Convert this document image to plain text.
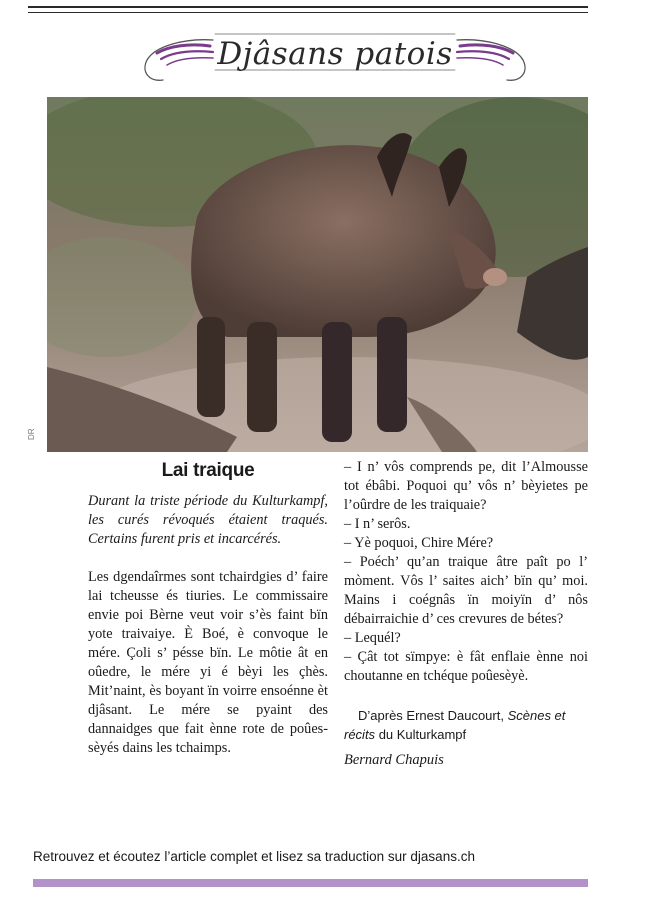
Djâsans patois
DR
Lai traique

Durant la triste période du Kulturkampf, les curés révoqués étaient traqués. Certains furent pris et incarcérés.

Les dgendaîrmes sont tchairdgies d’ faire lai tcheusse és tiuries. Le commissaire envie poi Bèrne veut voir s’ès faint bïn yote traivaiye. È Boé, è convoque le mére. Çoli s’ pésse bïn. Le môtie ât en oûedre, le mére yi é bèyi les çhès. Mit’naint, ès boyant ïn voirre ensoénne èt djâsant. Le mére se pyaint des dannaidges que fait ènne rote de poûes-sèyés dains les tchaimps.

– I n’ vôs comprends pe, dit l’Almousse tot ébâbi. Poquoi qu’ vôs n’ bèyietes pe l’oûrdre de les traiquaie?
– I n’ serôs.
– Yè poquoi, Chire Mére?
– Poéch’ qu’an traique âtre paît po l’ mòment. Vôs l’ saites aich’ bïn qu’ moi. Mains i coégnâs ïn moiyïn d’ nôs débairraichie d’ ces crevures de bétes?
– Lequél?
– Çât tot sïmpye: è fât enflaie ènne noi choutanne en tchéque poûesèyè.

D’après Ernest Daucourt, Scènes et récits du Kulturkampf

Bernard Chapuis

Retrouvez et écoutez l’article complet et lisez sa traduction sur djasans.ch
